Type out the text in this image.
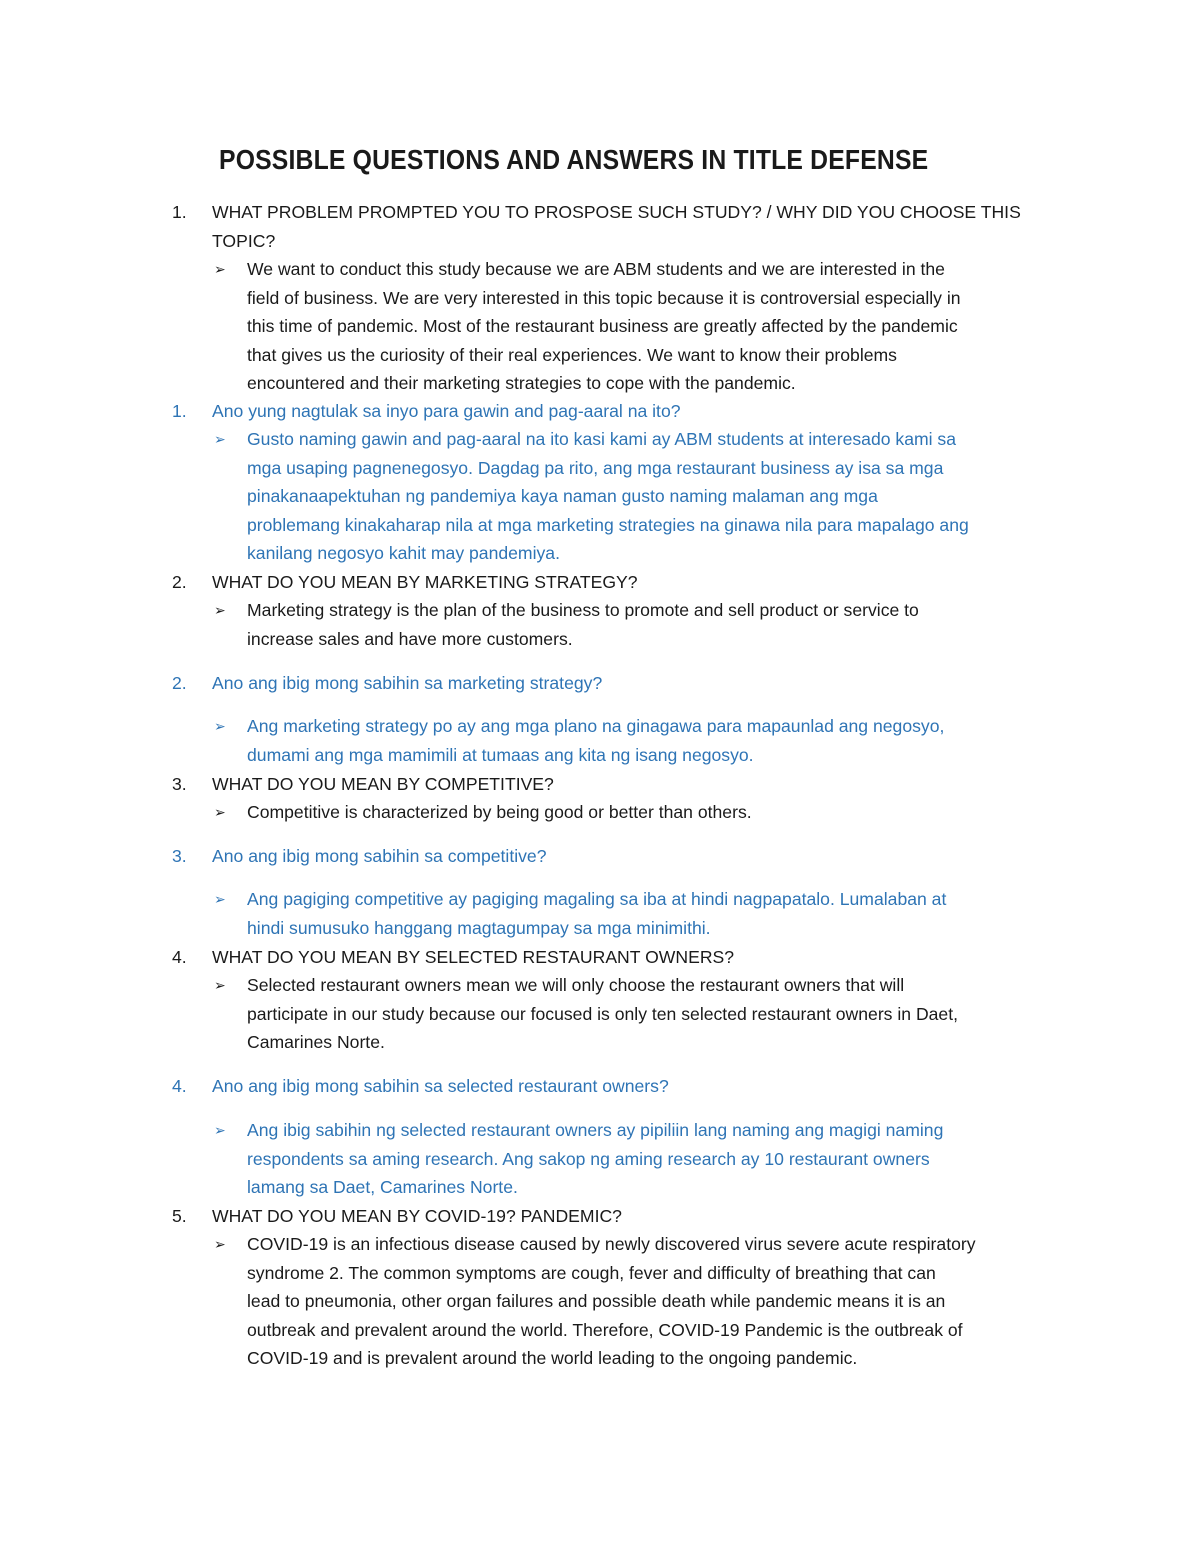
POSSIBLE QUESTIONS AND ANSWERS IN TITLE DEFENSE
1. WHAT PROBLEM PROMPTED YOU TO PROSPOSE SUCH STUDY? / WHY DID YOU CHOOSE THIS
TOPIC?
➢ We want to conduct this study because we are ABM students and we are interested in the
field of business. We are very interested in this topic because it is controversial especially in
this time of pandemic. Most of the restaurant business are greatly affected by the pandemic
that gives us the curiosity of their real experiences. We want to know their problems
encountered and their marketing strategies to cope with the pandemic.
1. Ano yung nagtulak sa inyo para gawin and pag-aaral na ito?
➢ Gusto naming gawin and pag-aaral na ito kasi kami ay ABM students at interesado kami sa
mga usaping pagnenegosyo. Dagdag pa rito, ang mga restaurant business ay isa sa mga
pinakanaapektuhan ng pandemiya kaya naman gusto naming malaman ang mga
problemang kinakaharap nila at mga marketing strategies na ginawa nila para mapalago ang
kanilang negosyo kahit may pandemiya.
2. WHAT DO YOU MEAN BY MARKETING STRATEGY?
➢ Marketing strategy is the plan of the business to promote and sell product or service to
increase sales and have more customers.
2. Ano ang ibig mong sabihin sa marketing strategy?
➢ Ang marketing strategy po ay ang mga plano na ginagawa para mapaunlad ang negosyo,
dumami ang mga mamimili at tumaas ang kita ng isang negosyo.
3. WHAT DO YOU MEAN BY COMPETITIVE?
➢ Competitive is characterized by being good or better than others.
3. Ano ang ibig mong sabihin sa competitive?
➢ Ang pagiging competitive ay pagiging magaling sa iba at hindi nagpapatalo. Lumalaban at
hindi sumusuko hanggang magtagumpay sa mga minimithi.
4. WHAT DO YOU MEAN BY SELECTED RESTAURANT OWNERS?
➢ Selected restaurant owners mean we will only choose the restaurant owners that will
participate in our study because our focused is only ten selected restaurant owners in Daet,
Camarines Norte.
4. Ano ang ibig mong sabihin sa selected restaurant owners?
➢ Ang ibig sabihin ng selected restaurant owners ay pipiliin lang naming ang magigi naming
respondents sa aming research. Ang sakop ng aming research ay 10 restaurant owners
lamang sa Daet, Camarines Norte.
5. WHAT DO YOU MEAN BY COVID-19? PANDEMIC?
➢ COVID-19 is an infectious disease caused by newly discovered virus severe acute respiratory
syndrome 2. The common symptoms are cough, fever and difficulty of breathing that can
lead to pneumonia, other organ failures and possible death while pandemic means it is an
outbreak and prevalent around the world. Therefore, COVID-19 Pandemic is the outbreak of
COVID-19 and is prevalent around the world leading to the ongoing pandemic.
